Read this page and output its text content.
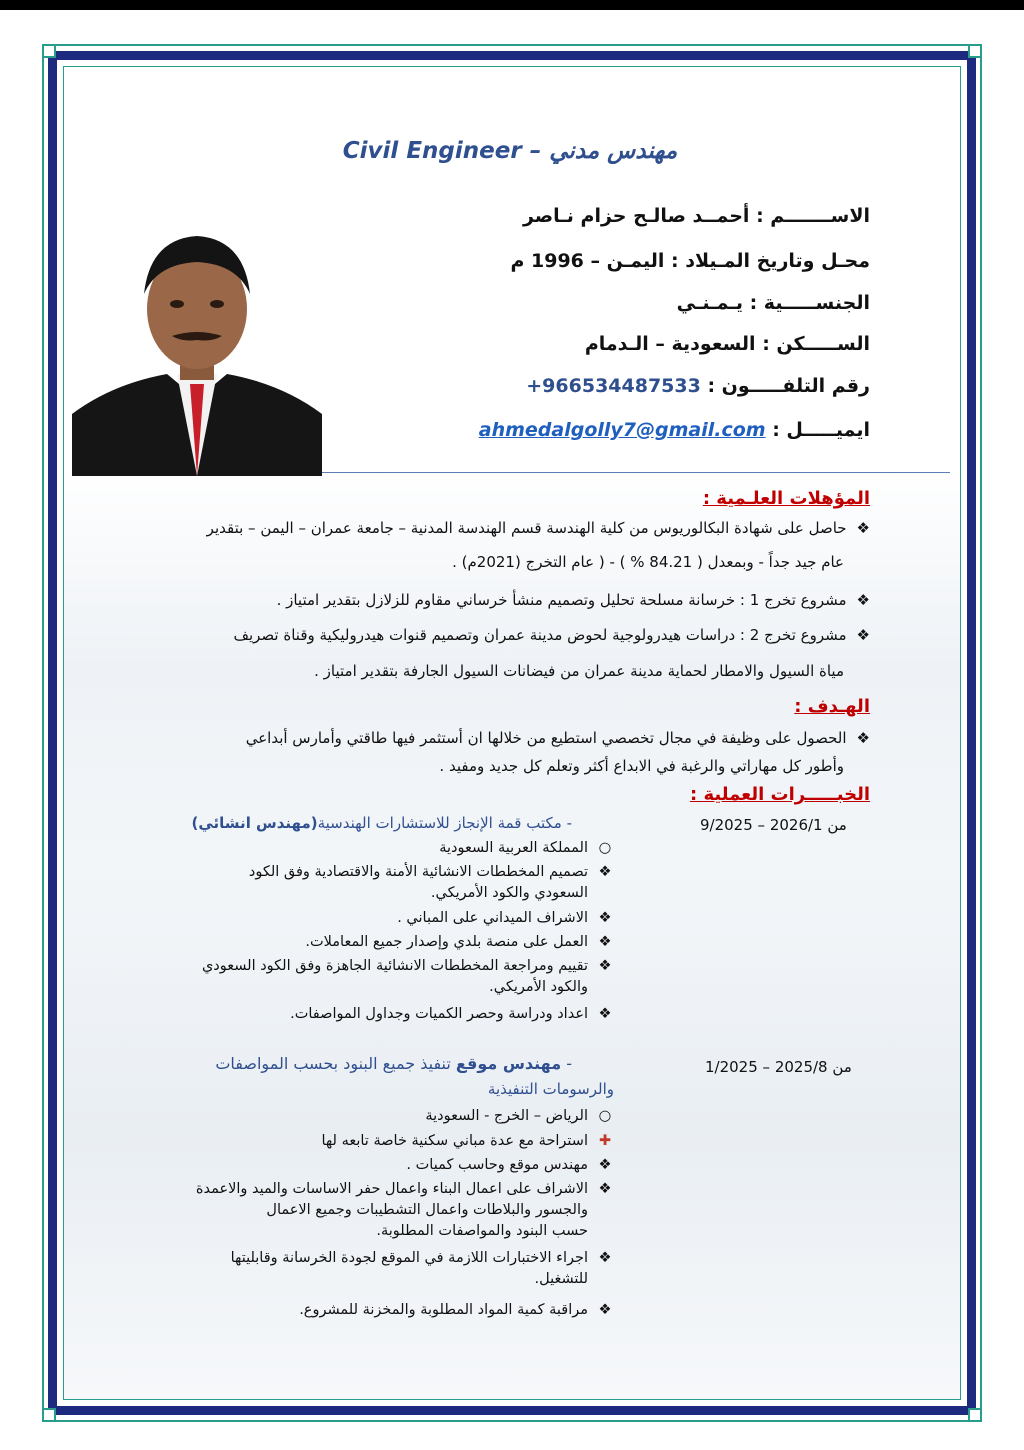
مهندس مدني – Civil Engineer
الاســـــــم : أحمــد صالـح حزام نـاصر
محـل وتاريخ المـيلاد : اليمـن – 1996 م
الجنســـــية : يـمـنـي
الســـــكن : السعودية – الـدمام
رقم التلفـــــون : +966534487533
ايميـــــل : ahmedalgolly7@gmail.com
المؤهلات العلـمية :
❖حاصل على شهادة البكالوريوس من كلية الهندسة قسم الهندسة المدنية – جامعة عمران – اليمن – بتقدير
عام جيد جداً - وبمعدل ( 84.21 % ) - ( عام التخرج (2021م) .
❖مشروع تخرج 1 : خرسانة مسلحة تحليل وتصميم منشأ خرساني مقاوم للزلازل بتقدير امتياز .
❖مشروع تخرج 2 : دراسات هيدرولوجية لحوض مدينة عمران وتصميم قنوات هيدروليكية وقناة تصريف
مياة السيول والامطار لحماية مدينة عمران من فيضانات السيول الجارفة بتقدير امتياز .
الهـدف :
❖الحصول على وظيفة في مجال تخصصي استطيع من خلالها ان أستثمر فيها طاقتي وأمارس أبداعي
وأطور كل مهاراتي والرغبة في الابداع أكثر وتعلم كل جديد ومفيد .
الخبـــــرات العملية :
من 2026/1 – 9/2025
- مكتب قمة الإنجاز للاستشارات الهندسية(مهندس انشائي)
○المملكة العربية السعودية
❖تصميم المخططات الانشائية الأمنة والاقتصادية وفق الكود
السعودي والكود الأمريكي.
❖الاشراف الميداني على المباني .
❖العمل على منصة بلدي وإصدار جميع المعاملات.
❖تقييم ومراجعة المخططات الانشائية الجاهزة وفق الكود السعودي
والكود الأمريكي.
❖اعداد ودراسة وحصر الكميات وجداول المواصفات.
من 2025/8 – 1/2025
- مهندس موقع تنفيذ جميع البنود بحسب المواصفات
والرسومات التنفيذية
○الرياض – الخرج - السعودية
✚استراحة مع عدة مباني سكنية خاصة تابعه لها
❖مهندس موقع وحاسب كميات .
❖الاشراف على اعمال البناء واعمال حفر الاساسات والميد والاعمدة
والجسور والبلاطات واعمال التشطيبات وجميع الاعمال
حسب البنود والمواصفات المطلوبة.
❖اجراء الاختبارات اللازمة في الموقع لجودة الخرسانة وقابليتها
للتشغيل.
❖مراقبة كمية المواد المطلوبة والمخزنة للمشروع.
